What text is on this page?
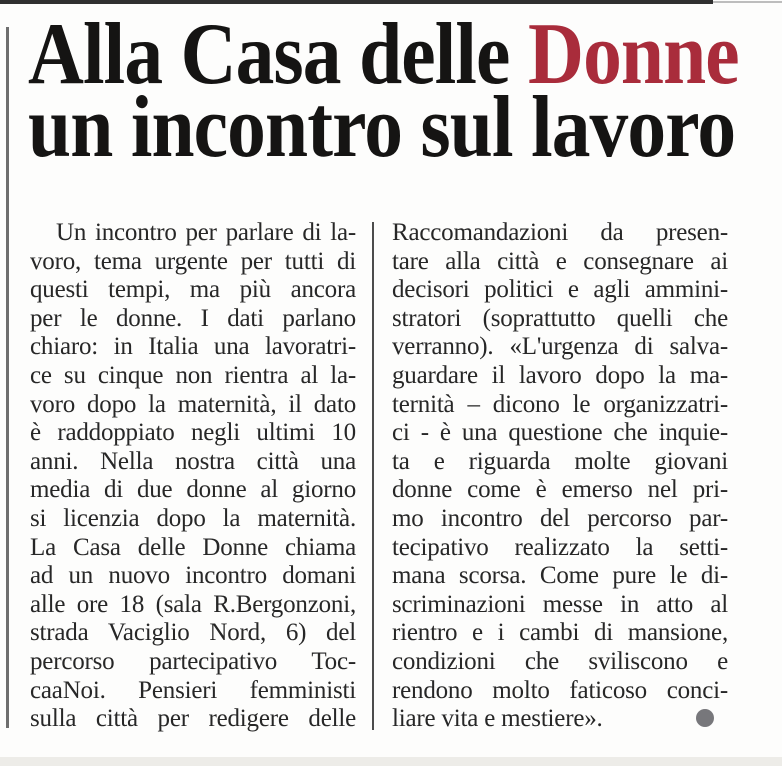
Alla Casa delle Donne
un incontro sul lavoro
Un incontro per parlare di la-
voro, tema urgente per tutti di
questi tempi, ma più ancora
per le donne. I dati parlano
chiaro: in Italia una lavoratri-
ce su cinque non rientra al la-
voro dopo la maternità, il dato
è raddoppiato negli ultimi 10
anni. Nella nostra città una
media di due donne al giorno
si licenzia dopo la maternità.
La Casa delle Donne chiama
ad un nuovo incontro domani
alle ore 18 (sala R.Bergonzoni,
strada Vaciglio Nord, 6) del
percorso partecipativo Toc-
caaNoi. Pensieri femministi
sulla città per redigere delle
Raccomandazioni da presen-
tare alla città e consegnare ai
decisori politici e agli ammini-
stratori (soprattutto quelli che
verranno). «L'urgenza di salva-
guardare il lavoro dopo la ma-
ternità – dicono le organizzatri-
ci - è una questione che inquie-
ta e riguarda molte giovani
donne come è emerso nel pri-
mo incontro del percorso par-
tecipativo realizzato la setti-
mana scorsa. Come pure le di-
scriminazioni messe in atto al
rientro e i cambi di mansione,
condizioni che sviliscono e
rendono molto faticoso conci-
liare vita e mestiere».
